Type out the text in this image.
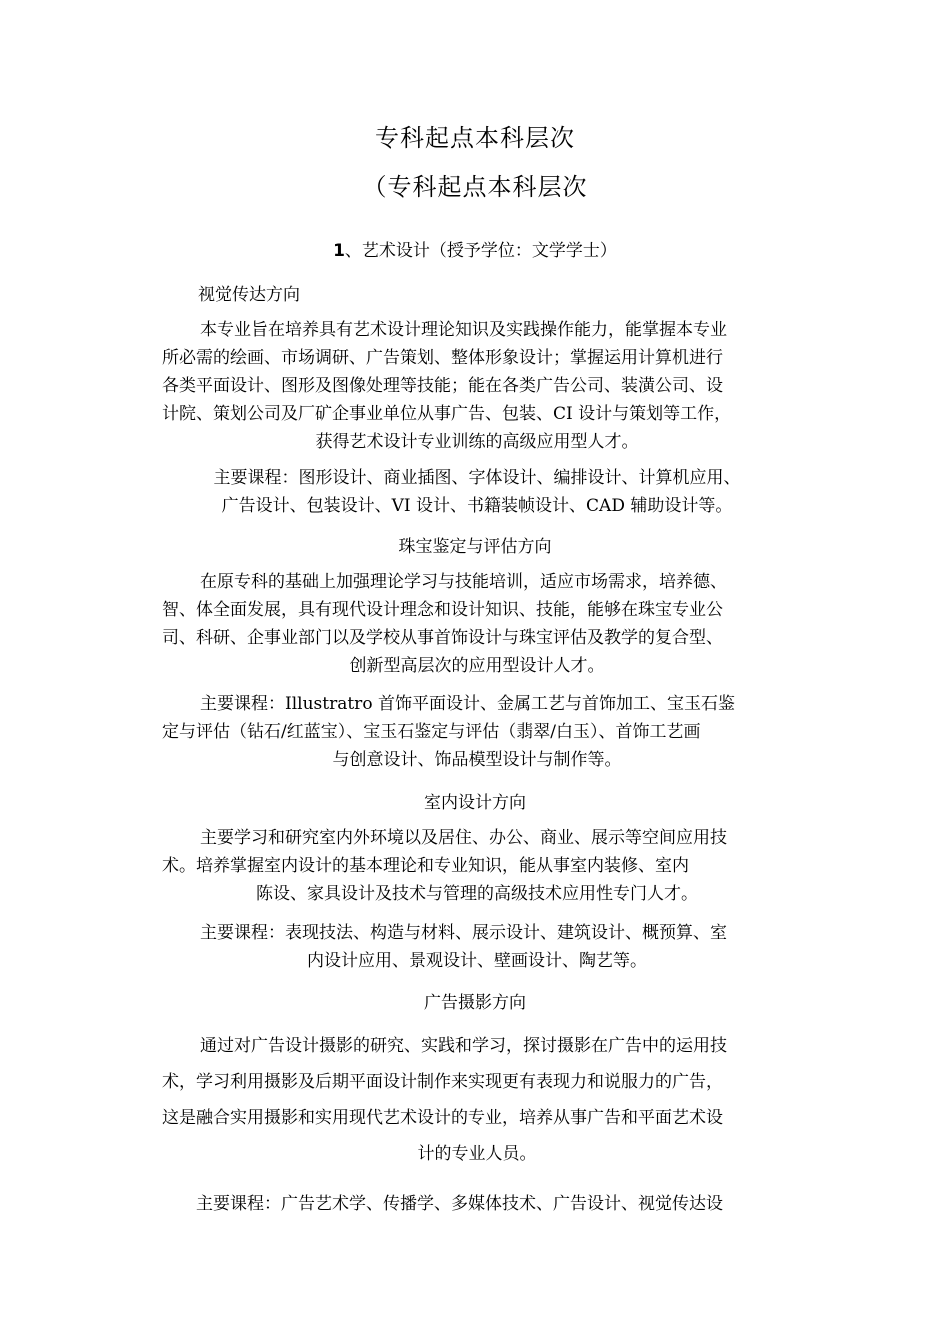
专科起点本科层次
（专科起点本科层次

1、艺术设计（授予学位：文学学士）

视觉传达方向

本专业旨在培养具有艺术设计理论知识及实践操作能力，能掌握本专业
所必需的绘画、市场调研、广告策划、整体形象设计；掌握运用计算机进行
各类平面设计、图形及图像处理等技能；能在各类广告公司、装潢公司、设
计院、策划公司及厂矿企事业单位从事广告、包装、CI 设计与策划等工作，
获得艺术设计专业训练的高级应用型人才。
主要课程：图形设计、商业插图、字体设计、编排设计、计算机应用、
广告设计、包装设计、VI 设计、书籍装帧设计、CAD 辅助设计等。

珠宝鉴定与评估方向

在原专科的基础上加强理论学习与技能培训，适应市场需求，培养德、
智、体全面发展，具有现代设计理念和设计知识、技能，能够在珠宝专业公
司、科研、企事业部门以及学校从事首饰设计与珠宝评估及教学的复合型、
创新型高层次的应用型设计人才。
主要课程：Illustratro 首饰平面设计、金属工艺与首饰加工、宝玉石鉴
定与评估（钻石/红蓝宝）、宝玉石鉴定与评估（翡翠/白玉）、首饰工艺画
与创意设计、饰品模型设计与制作等。

室内设计方向

主要学习和研究室内外环境以及居住、办公、商业、展示等空间应用技
术。培养掌握室内设计的基本理论和专业知识，能从事室内装修、室内
陈设、家具设计及技术与管理的高级技术应用性专门人才。
主要课程：表现技法、构造与材料、展示设计、建筑设计、概预算、室
内设计应用、景观设计、壁画设计、陶艺等。

广告摄影方向

通过对广告设计摄影的研究、实践和学习，探讨摄影在广告中的运用技
术，学习利用摄影及后期平面设计制作来实现更有表现力和说服力的广告，
这是融合实用摄影和实用现代艺术设计的专业，培养从事广告和平面艺术设
计的专业人员。
主要课程：广告艺术学、传播学、多媒体技术、广告设计、视觉传达设
